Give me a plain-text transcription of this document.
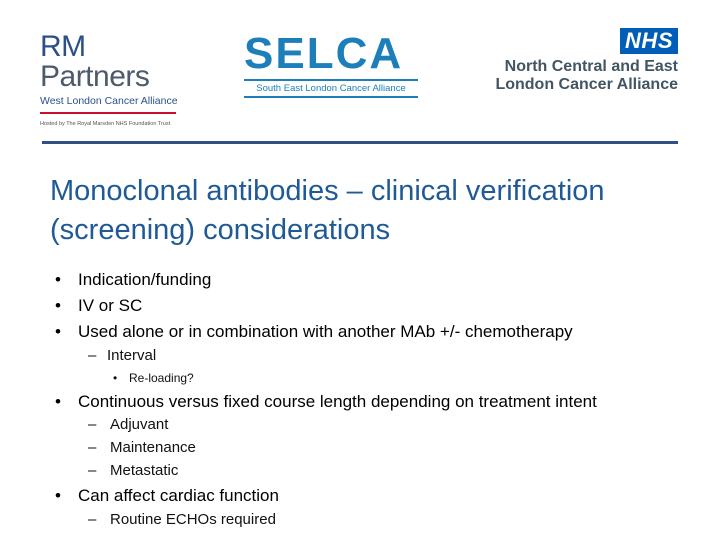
RM Partners
West London Cancer Alliance
Hosted by The Royal Marsden NHS Foundation Trust
SELCA
South East London Cancer Alliance
NHS
North Central and East
London Cancer Alliance
Monoclonal antibodies – clinical verification
(screening) considerations
• Indication/funding
• IV or SC
• Used alone or in combination with another MAb +/- chemotherapy
– Interval
• Re-loading?
• Continuous versus fixed course length depending on treatment intent
– Adjuvant
– Maintenance
– Metastatic
• Can affect cardiac function
– Routine ECHOs required
